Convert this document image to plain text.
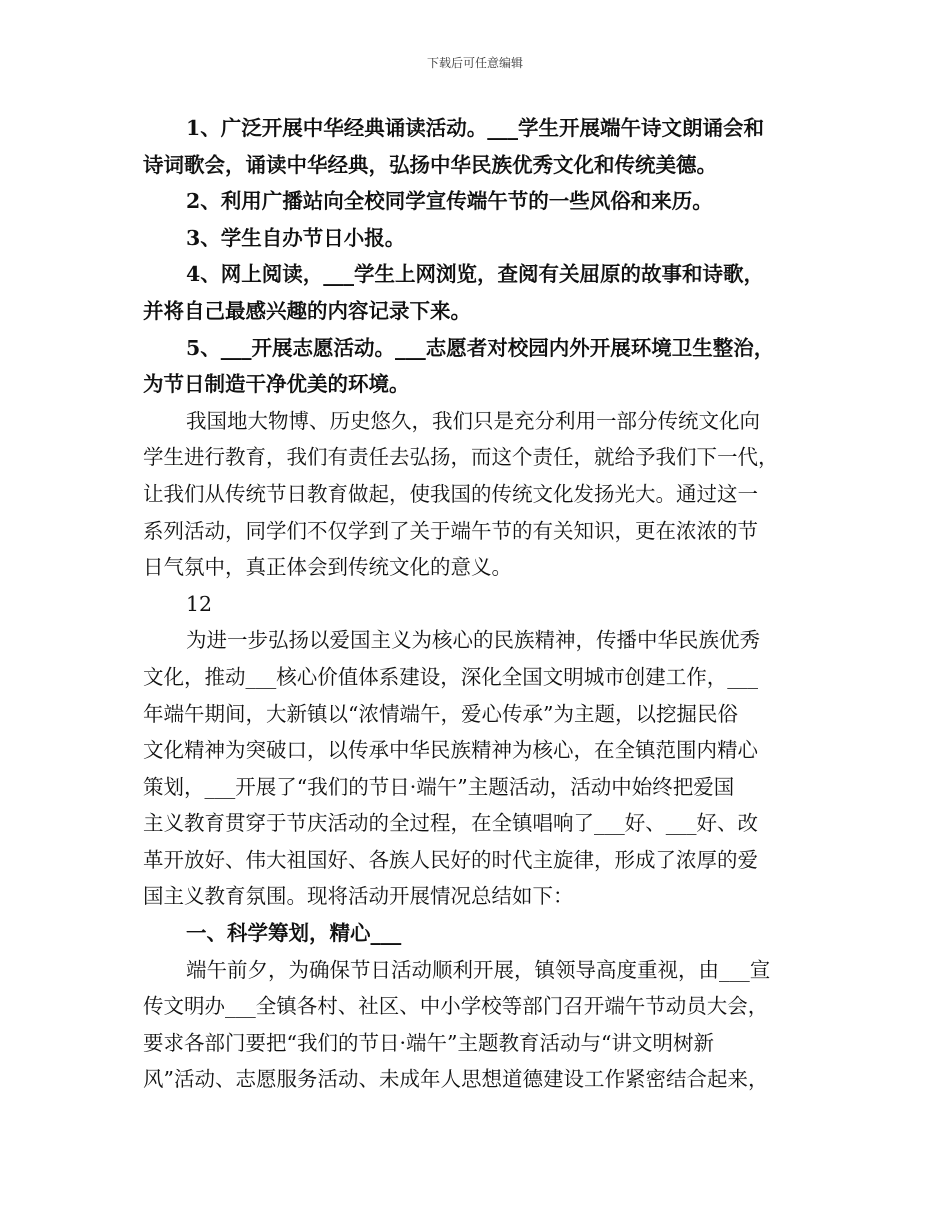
下载后可任意编辑
1、广泛开展中华经典诵读活动。___学生开展端午诗文朗诵会和
诗词歌会，诵读中华经典，弘扬中华民族优秀文化和传统美德。
2、利用广播站向全校同学宣传端午节的一些风俗和来历。
3、学生自办节日小报。
4、网上阅读，___学生上网浏览，查阅有关屈原的故事和诗歌，
并将自己最感兴趣的内容记录下来。
5、___开展志愿活动。___志愿者对校园内外开展环境卫生整治，
为节日制造干净优美的环境。
我国地大物博、历史悠久，我们只是充分利用一部分传统文化向
学生进行教育，我们有责任去弘扬，而这个责任，就给予我们下一代，
让我们从传统节日教育做起，使我国的传统文化发扬光大。通过这一
系列活动，同学们不仅学到了关于端午节的有关知识，更在浓浓的节
日气氛中，真正体会到传统文化的意义。
12
为进一步弘扬以爱国主义为核心的民族精神，传播中华民族优秀
文化，推动___核心价值体系建设，深化全国文明城市创建工作，___
年端午期间，大新镇以“浓情端午，爱心传承”为主题，以挖掘民俗
文化精神为突破口，以传承中华民族精神为核心，在全镇范围内精心
策划，___开展了“我们的节日·端午”主题活动，活动中始终把爱国
主义教育贯穿于节庆活动的全过程，在全镇唱响了___好、___好、改
革开放好、伟大祖国好、各族人民好的时代主旋律，形成了浓厚的爱
国主义教育氛围。现将活动开展情况总结如下：
一、科学筹划，精心___
端午前夕，为确保节日活动顺利开展，镇领导高度重视，由___宣
传文明办___全镇各村、社区、中小学校等部门召开端午节动员大会，
要求各部门要把“我们的节日·端午”主题教育活动与“讲文明树新
风”活动、志愿服务活动、未成年人思想道德建设工作紧密结合起来，
